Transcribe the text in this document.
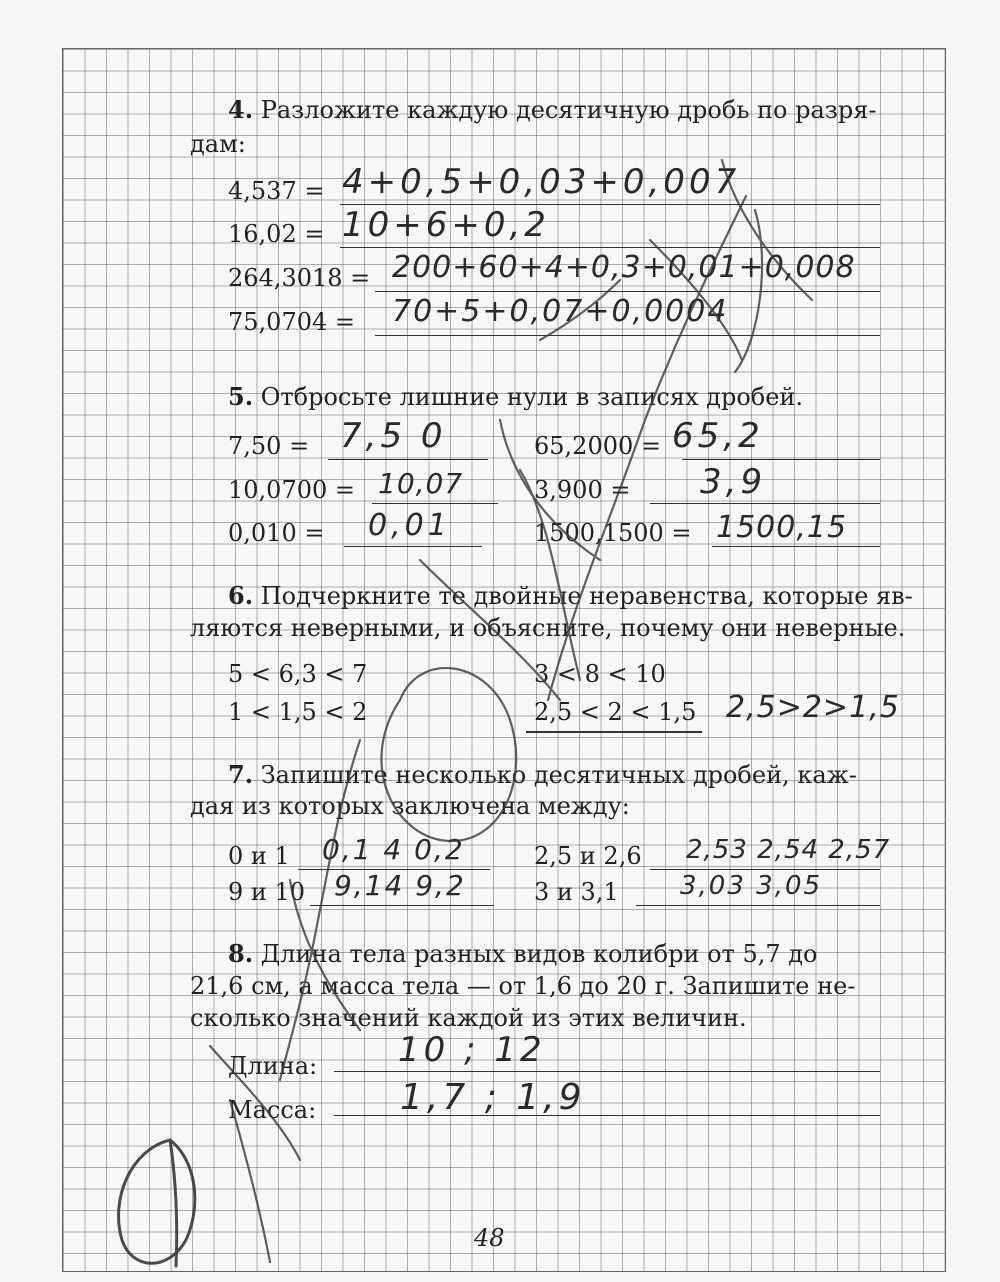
4. Разложите каждую десятичную дробь по разря-
дам:
4,537 = 4+0,5+0,03+0,007
16,02 = 10+6+0,2
264,3018 = 200+60+4+0,3+0,01+0,008
75,0704 = 70+5+0,07+0,0004
5. Отбросьте лишние нули в записях дробей.
7,50 = 7,5 0
10,0700 = 10,07
0,010 = 0,01
65,2000 = 65,2
3,900 = 3,9
1500,1500 = 1500,15
6. Подчеркните те двойные неравенства, которые яв-
ляются неверными, и объясните, почему они неверные.
5 < 6,3 < 7
1 < 1,5 < 2
3 < 8 < 10
2,5 < 2 < 1,5 2,5>2>1,5
7. Запишите несколько десятичных дробей, каж-
дая из которых заключена между:
0 и 1 0,1 4 0,2
9 и 10 9,14 9,2
2,5 и 2,6 2,53 2,54 2,57
3 и 3,1 3,03 3,05
8. Длина тела разных видов колибри от 5,7 до
21,6 см, а масса тела — от 1,6 до 20 г. Запишите не-
сколько значений каждой из этих величин.
Длина: 10 ; 12
Масса: 1,7 ; 1,9
48
